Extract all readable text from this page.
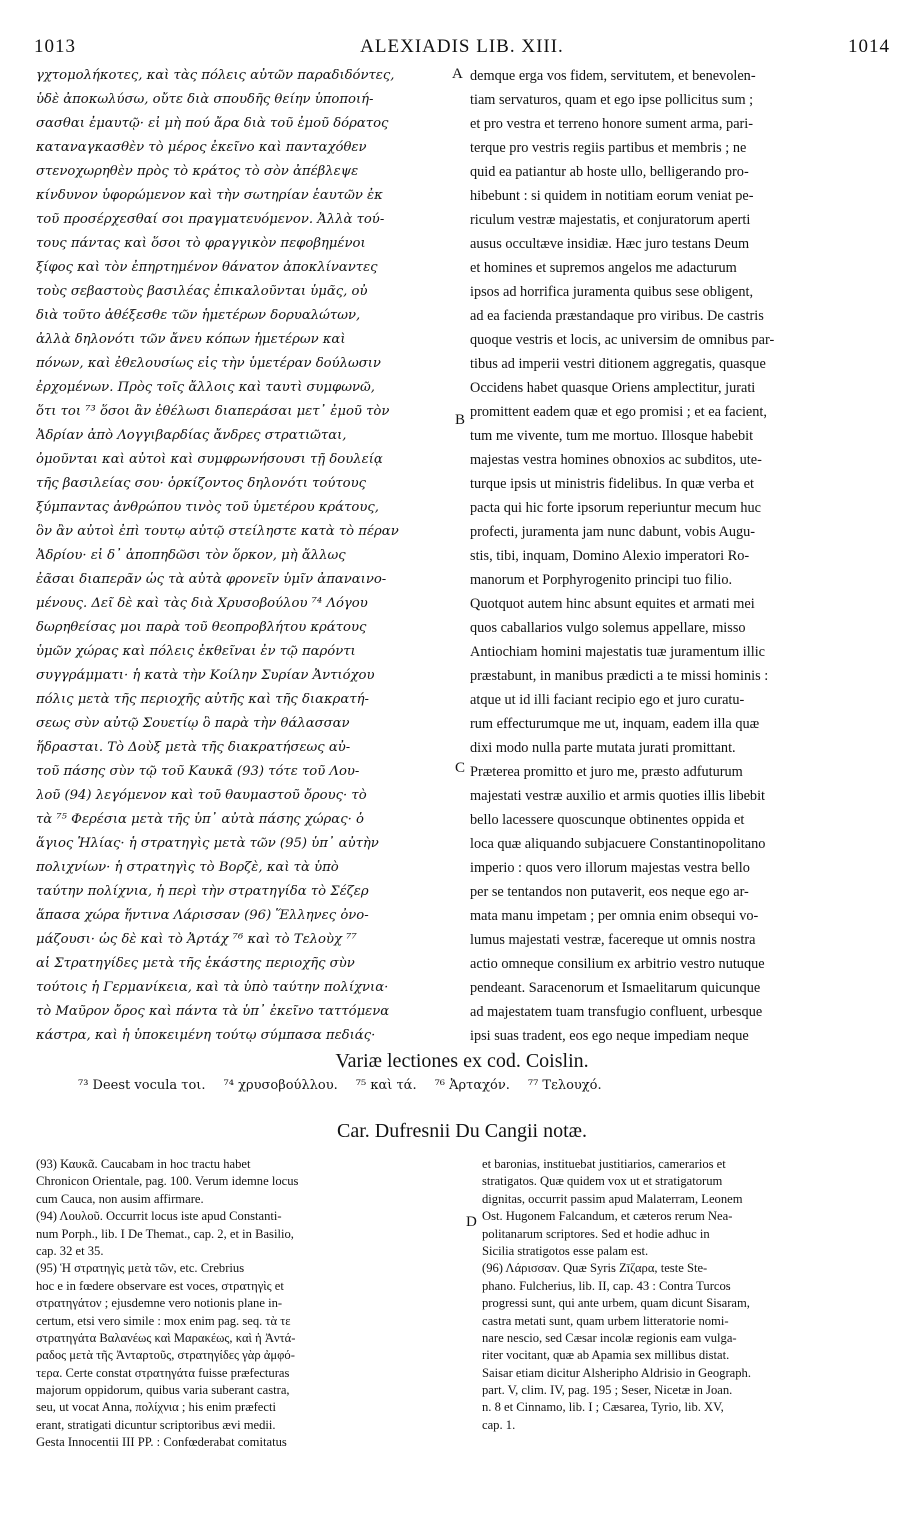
1013	ALEXIADIS LIB. XIII.	1014
γχτομολήκοτες, καὶ τὰς πόλεις αὐτῶν παραδιδόντες,
ὑδὲ ἀποκωλύσω, οὔτε διὰ σπουδῆς θείην ὑποποιή-
σασθαι ἐμαυτῷ· εἰ μὴ πού ἄρα διὰ τοῦ ἐμοῦ δόρατος
καταναγκασθὲν τὸ μέρος ἐκεῖνο καὶ πανταχόθεν
στενοχωρηθὲν πρὸς τὸ κράτος τὸ σὸν ἀπέβλεψε
κίνδυνον ὑφορώμενον καὶ τὴν σωτηρίαν ἑαυτῶν ἐκ
τοῦ προσέρχεσθαί σοι πραγματευόμενον. Ἀλλὰ τού-
τους πάντας καὶ ὅσοι τὸ φραγγικὸν πεφοβημένοι
ξίφος καὶ τὸν ἐπηρτημένον θάνατον ἀποκλίναντες
τοὺς σεβαστοὺς βασιλέας ἐπικαλοῦνται ὑμᾶς, οὐ
διὰ τοῦτο ἀθέξεσθε τῶν ἡμετέρων δορυαλώτων,
ἀλλὰ δηλονότι τῶν ἄνευ κόπων ἡμετέρων καὶ
πόνων, καὶ ἐθελουσίως εἰς τὴν ὑμετέραν δούλωσιν
ἐρχομένων. Πρὸς τοῖς ἄλλοις καὶ ταυτὶ συμφωνῶ,
ὅτι τοι ⁷³ ὅσοι ἂν ἐθέλωσι διαπεράσαι μετ᾽ ἐμοῦ τὸν
Ἀδρίαν ἀπὸ Λογγιβαρδίας ἄνδρες στρατιῶται,
ὀμοῦνται καὶ αὐτοὶ καὶ συμφρωνήσουσι τῇ δουλείᾳ
τῆς βασιλείας σου· ὁρκίζοντος δηλονότι τούτους
ξύμπαντας ἀνθρώπου τινὸς τοῦ ὑμετέρου κράτους,
ὃν ἂν αὐτοὶ ἐπὶ τουτῳ αὐτῷ στείληστε κατὰ τὸ πέραν
Ἀδρίου· εἰ δ᾽ ἀποπηδῶσι τὸν ὅρκον, μὴ ἄλλως
ἐᾶσαι διαπερᾶν ὡς τὰ αὐτὰ φρονεῖν ὑμῖν ἀπαναινο-
μένους. Δεῖ δὲ καὶ τὰς διὰ Χρυσοβούλου ⁷⁴ Λόγου
δωρηθείσας μοι παρὰ τοῦ θεοπροβλήτου κράτους
ὑμῶν χώρας καὶ πόλεις ἐκθεῖναι ἐν τῷ παρόντι
συγγράμματι· ἡ κατὰ τὴν Κοίλην Συρίαν Ἀντιόχου
πόλις μετὰ τῆς περιοχῆς αὐτῆς καὶ τῆς διακρατή-
σεως σὺν αὐτῷ Σουετίῳ ὃ παρὰ τὴν θάλασσαν
ἥδρασται. Τὸ Δοὺξ μετὰ τῆς διακρατήσεως αὐ-
τοῦ πάσης σὺν τῷ τοῦ Καυκᾶ (93) τότε τοῦ Λου-
λοῦ (94) λεγόμενον καὶ τοῦ θαυμαστοῦ ὄρους· τὸ
τὰ ⁷⁵ Φερέσια μετὰ τῆς ὑπ᾽ αὐτὰ πάσης χώρας· ὁ
ἅγιος Ἡλίας· ἡ στρατηγὶς μετὰ τῶν (95) ὑπ᾽ αὐτὴν
πολιχνίων· ἡ στρατηγὶς τὸ Βορζὲ, καὶ τὰ ὑπὸ
ταύτην πολίχνια, ἡ περὶ τὴν στρατηγίδα τὸ Σέζερ
ἅπασα χώρα ἥντινα Λάρισσαν (96) Ἕλληνες ὀνο-
μάζουσι· ὡς δὲ καὶ τὸ Ἀρτάχ ⁷⁶ καὶ τὸ Τελοὺχ ⁷⁷
αἱ Στρατηγίδες μετὰ τῆς ἑκάστης περιοχῆς σὺν
τούτοις ἡ Γερμανίκεια, καὶ τὰ ὑπὸ ταύτην πολίχνια·
τὸ Μαῦρον ὄρος καὶ πάντα τὰ ὑπ᾽ ἐκεῖνο ταττόμενα
κάστρα, καὶ ἡ ὑποκειμένη τούτῳ σύμπασα πεδιάς·
demque erga vos fidem, servitutem, et benevolen-
tiam servaturos, quam et ego ipse pollicitus sum ;
et pro vestra et terreno honore sument arma, pari-
terque pro vestris regiis partibus et membris ; ne
quid ea patiantur ab hoste ullo, belligerando pro-
hibebunt : si quidem in notitiam eorum veniat pe-
riculum vestræ majestatis, et conjuratorum aperti
ausus occultæve insidiæ. Hæc juro testans Deum
et homines et supremos angelos me adacturum
ipsos ad horrifica juramenta quibus sese obligent,
ad ea facienda præstandaque pro viribus. De castris
quoque vestris et locis, ac universim de omnibus par-
tibus ad imperii vestri ditionem aggregatis, quasque
Occidens habet quasque Oriens amplectitur, jurati
promittent eadem quæ et ego promisi ; et ea facient,
tum me vivente, tum me mortuo. Illosque habebit
majestas vestra homines obnoxios ac subditos, ute-
turque ipsis ut ministris fidelibus. In quæ verba et
pacta qui hic forte ipsorum reperiuntur mecum huc
profecti, juramenta jam nunc dabunt, vobis Augu-
stis, tibi, inquam, Domino Alexio imperatori Ro-
manorum et Porphyrogenito principi tuo filio.
Quotquot autem hinc absunt equites et armati mei
quos caballarios vulgo solemus appellare, misso
Antiochiam homini majestatis tuæ juramentum illic
præstabunt, in manibus prædicti a te missi hominis :
atque ut id illi faciant recipio ego et juro curatu-
rum effecturumque me ut, inquam, eadem illa quæ
dixi modo nulla parte mutata jurati promittant.
Præterea promitto et juro me, præsto adfuturum
majestati vestræ auxilio et armis quoties illis libebit
bello lacessere quoscunque obtinentes oppida et
loca quæ aliquando subjacuere Constantinopolitano
imperio : quos vero illorum majestas vestra bello
per se tentandos non putaverit, eos neque ego ar-
mata manu impetam ; per omnia enim obsequi vo-
lumus majestati vestræ, facereque ut omnis nostra
actio omneque consilium ex arbitrio vestro nutuque
pendeant. Saracenorum et Ismaelitarum quicunque
ad majestatem tuam transfugio confluent, urbesque
ipsi suas tradent, eos ego neque impediam neque
A
B
C
D
Variæ lectiones ex cod. Coislin.
⁷³ Deest vocula τοι. ⁷⁴ χρυσοβούλλου. ⁷⁵ καὶ τά. ⁷⁶ Ἀρταχόν. ⁷⁷ Τελουχό.
Car. Dufresnii Du Cangii notæ.
(93) Καυκᾶ. Caucabam in hoc tractu habet
Chronicon Orientale, pag. 100. Verum idemne locus
cum Cauca, non ausim affirmare.
(94) Λουλοῦ. Occurrit locus iste apud Constanti-
num Porph., lib. I De Themat., cap. 2, et in Basilio,
cap. 32 et 35.
(95) Ἡ στρατηγὶς μετὰ τῶν, etc. Crebrius
hoc e in fœdere observare est voces, στρατηγὶς et
στρατηγάτον ; ejusdemne vero notionis plane in-
certum, etsi vero simile : mox enim pag. seq. τὰ τε
στρατηγάτα Βαλανέως καὶ Μαρακέως, καὶ ἡ Ἀντά-
ραδος μετὰ τῆς Ἀνταρτοῦς, στρατηγίδες γὰρ ἀμφό-
τερα. Certe constat στρατηγάτα fuisse præfecturas
majorum oppidorum, quibus varia suberant castra,
seu, ut vocat Anna, πολίχνια ; his enim præfecti
erant, stratigati dicuntur scriptoribus ævi medii.
Gesta Innocentii III PP. : Confœderabat comitatus
et baronias, instituebat justitiarios, camerarios et
stratigatos. Quæ quidem vox ut et stratigatorum
dignitas, occurrit passim apud Malaterram, Leonem
Ost. Hugonem Falcandum, et cæteros rerum Nea-
politanarum scriptores. Sed et hodie adhuc in
Sicilia stratigotos esse palam est.
(96) Λάρισσαν. Quæ Syris Zīζαρα, teste Ste-
phano. Fulcherius, lib. II, cap. 43 : Contra Turcos
progressi sunt, qui ante urbem, quam dicunt Sisaram,
castra metati sunt, quam urbem litteratorie nomi-
nare nescio, sed Cæsar incolæ regionis eam vulga-
riter vocitant, quæ ab Apamia sex millibus distat.
Saisar etiam dicitur Alsheripho Aldrisio in Geograph.
part. V, clim. IV, pag. 195 ; Seser, Nicetæ in Joan.
n. 8 et Cinnamo, lib. I ; Cæsarea, Tyrio, lib. XV,
cap. 1.
